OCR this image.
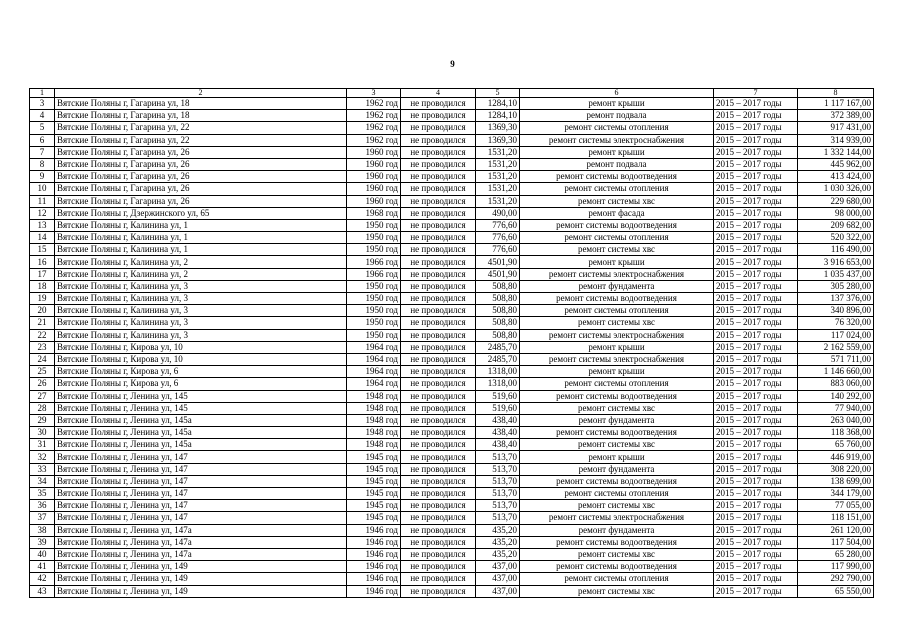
9
1	2	3	4	5	6	7	8
3	Вятские Поляны г, Гагарина ул, 18	1962 год	не проводился	1284,10	ремонт крыши	2015 – 2017 годы	1 117 167,00
4	Вятские Поляны г, Гагарина ул, 18	1962 год	не проводился	1284,10	ремонт подвала	2015 – 2017 годы	372 389,00
5	Вятские Поляны г, Гагарина ул, 22	1962 год	не проводился	1369,30	ремонт системы отопления	2015 – 2017 годы	917 431,00
6	Вятские Поляны г, Гагарина ул, 22	1962 год	не проводился	1369,30	ремонт системы электроснабжения	2015 – 2017 годы	314 939,00
7	Вятские Поляны г, Гагарина ул, 26	1960 год	не проводился	1531,20	ремонт крыши	2015 – 2017 годы	1 332 144,00
8	Вятские Поляны г, Гагарина ул, 26	1960 год	не проводился	1531,20	ремонт подвала	2015 – 2017 годы	445 962,00
9	Вятские Поляны г, Гагарина ул, 26	1960 год	не проводился	1531,20	ремонт системы водоотведения	2015 – 2017 годы	413 424,00
10	Вятские Поляны г, Гагарина ул, 26	1960 год	не проводился	1531,20	ремонт системы отопления	2015 – 2017 годы	1 030 326,00
11	Вятские Поляны г, Гагарина ул, 26	1960 год	не проводился	1531,20	ремонт системы хвс	2015 – 2017 годы	229 680,00
12	Вятские Поляны г, Дзержинского ул, 65	1968 год	не проводился	490,00	ремонт фасада	2015 – 2017 годы	98 000,00
13	Вятские Поляны г, Калинина ул, 1	1950 год	не проводился	776,60	ремонт системы водоотведения	2015 – 2017 годы	209 682,00
14	Вятские Поляны г, Калинина ул, 1	1950 год	не проводился	776,60	ремонт системы отопления	2015 – 2017 годы	520 322,00
15	Вятские Поляны г, Калинина ул, 1	1950 год	не проводился	776,60	ремонт системы хвс	2015 – 2017 годы	116 490,00
16	Вятские Поляны г, Калинина ул, 2	1966 год	не проводился	4501,90	ремонт крыши	2015 – 2017 годы	3 916 653,00
17	Вятские Поляны г, Калинина ул, 2	1966 год	не проводился	4501,90	ремонт системы электроснабжения	2015 – 2017 годы	1 035 437,00
18	Вятские Поляны г, Калинина ул, 3	1950 год	не проводился	508,80	ремонт фундамента	2015 – 2017 годы	305 280,00
19	Вятские Поляны г, Калинина ул, 3	1950 год	не проводился	508,80	ремонт системы водоотведения	2015 – 2017 годы	137 376,00
20	Вятские Поляны г, Калинина ул, 3	1950 год	не проводился	508,80	ремонт системы отопления	2015 – 2017 годы	340 896,00
21	Вятские Поляны г, Калинина ул, 3	1950 год	не проводился	508,80	ремонт системы хвс	2015 – 2017 годы	76 320,00
22	Вятские Поляны г, Калинина ул, 3	1950 год	не проводился	508,80	ремонт системы электроснабжения	2015 – 2017 годы	117 024,00
23	Вятские Поляны г, Кирова ул, 10	1964 год	не проводился	2485,70	ремонт крыши	2015 – 2017 годы	2 162 559,00
24	Вятские Поляны г, Кирова ул, 10	1964 год	не проводился	2485,70	ремонт системы электроснабжения	2015 – 2017 годы	571 711,00
25	Вятские Поляны г, Кирова ул, 6	1964 год	не проводился	1318,00	ремонт крыши	2015 – 2017 годы	1 146 660,00
26	Вятские Поляны г, Кирова ул, 6	1964 год	не проводился	1318,00	ремонт системы отопления	2015 – 2017 годы	883 060,00
27	Вятские Поляны г, Ленина ул, 145	1948 год	не проводился	519,60	ремонт системы водоотведения	2015 – 2017 годы	140 292,00
28	Вятские Поляны г, Ленина ул, 145	1948 год	не проводился	519,60	ремонт системы хвс	2015 – 2017 годы	77 940,00
29	Вятские Поляны г, Ленина ул, 145а	1948 год	не проводился	438,40	ремонт фундамента	2015 – 2017 годы	263 040,00
30	Вятские Поляны г, Ленина ул, 145а	1948 год	не проводился	438,40	ремонт системы водоотведения	2015 – 2017 годы	118 368,00
31	Вятские Поляны г, Ленина ул, 145а	1948 год	не проводился	438,40	ремонт системы хвс	2015 – 2017 годы	65 760,00
32	Вятские Поляны г, Ленина ул, 147	1945 год	не проводился	513,70	ремонт крыши	2015 – 2017 годы	446 919,00
33	Вятские Поляны г, Ленина ул, 147	1945 год	не проводился	513,70	ремонт фундамента	2015 – 2017 годы	308 220,00
34	Вятские Поляны г, Ленина ул, 147	1945 год	не проводился	513,70	ремонт системы водоотведения	2015 – 2017 годы	138 699,00
35	Вятские Поляны г, Ленина ул, 147	1945 год	не проводился	513,70	ремонт системы отопления	2015 – 2017 годы	344 179,00
36	Вятские Поляны г, Ленина ул, 147	1945 год	не проводился	513,70	ремонт системы хвс	2015 – 2017 годы	77 055,00
37	Вятские Поляны г, Ленина ул, 147	1945 год	не проводился	513,70	ремонт системы электроснабжения	2015 – 2017 годы	118 151,00
38	Вятские Поляны г, Ленина ул, 147а	1946 год	не проводился	435,20	ремонт фундамента	2015 – 2017 годы	261 120,00
39	Вятские Поляны г, Ленина ул, 147а	1946 год	не проводился	435,20	ремонт системы водоотведения	2015 – 2017 годы	117 504,00
40	Вятские Поляны г, Ленина ул, 147а	1946 год	не проводился	435,20	ремонт системы хвс	2015 – 2017 годы	65 280,00
41	Вятские Поляны г, Ленина ул, 149	1946 год	не проводился	437,00	ремонт системы водоотведения	2015 – 2017 годы	117 990,00
42	Вятские Поляны г, Ленина ул, 149	1946 год	не проводился	437,00	ремонт системы отопления	2015 – 2017 годы	292 790,00
43	Вятские Поляны г, Ленина ул, 149	1946 год	не проводился	437,00	ремонт системы хвс	2015 – 2017 годы	65 550,00
